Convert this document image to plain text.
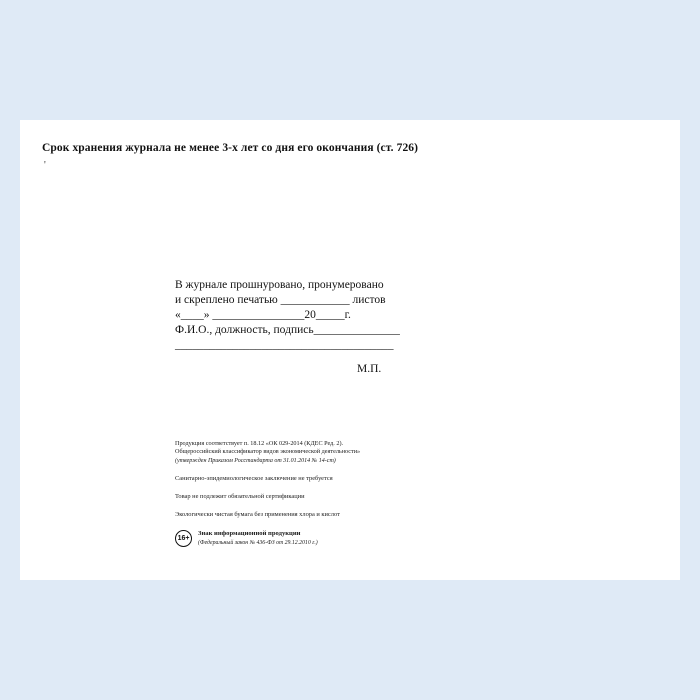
Срок хранения журнала не менее 3-х лет со дня его окончания (ст. 726)
'
В журнале прошнуровано, пронумеровано
и скреплено печатью ____________ листов
«____» ________________20_____г.
Ф.И.О., должность, подпись_______________
______________________________________
М.П.
Продукция соответствует п. 18.12 «ОК 029-2014 (КДЕС Ред. 2).
Общероссийский классификатор видов экономической деятельности»
(утвержден Приказом Росстандарта от 31.01.2014 № 14-ст)
Санитарно-эпидемиологическое заключение не требуется
Товар не подлежит обязательной сертификации
Экологически чистая бумага без применения хлора и кислот
16+
Знак информационной продукции
(Федеральный закон № 436-ФЗ от 29.12.2010 г.)
